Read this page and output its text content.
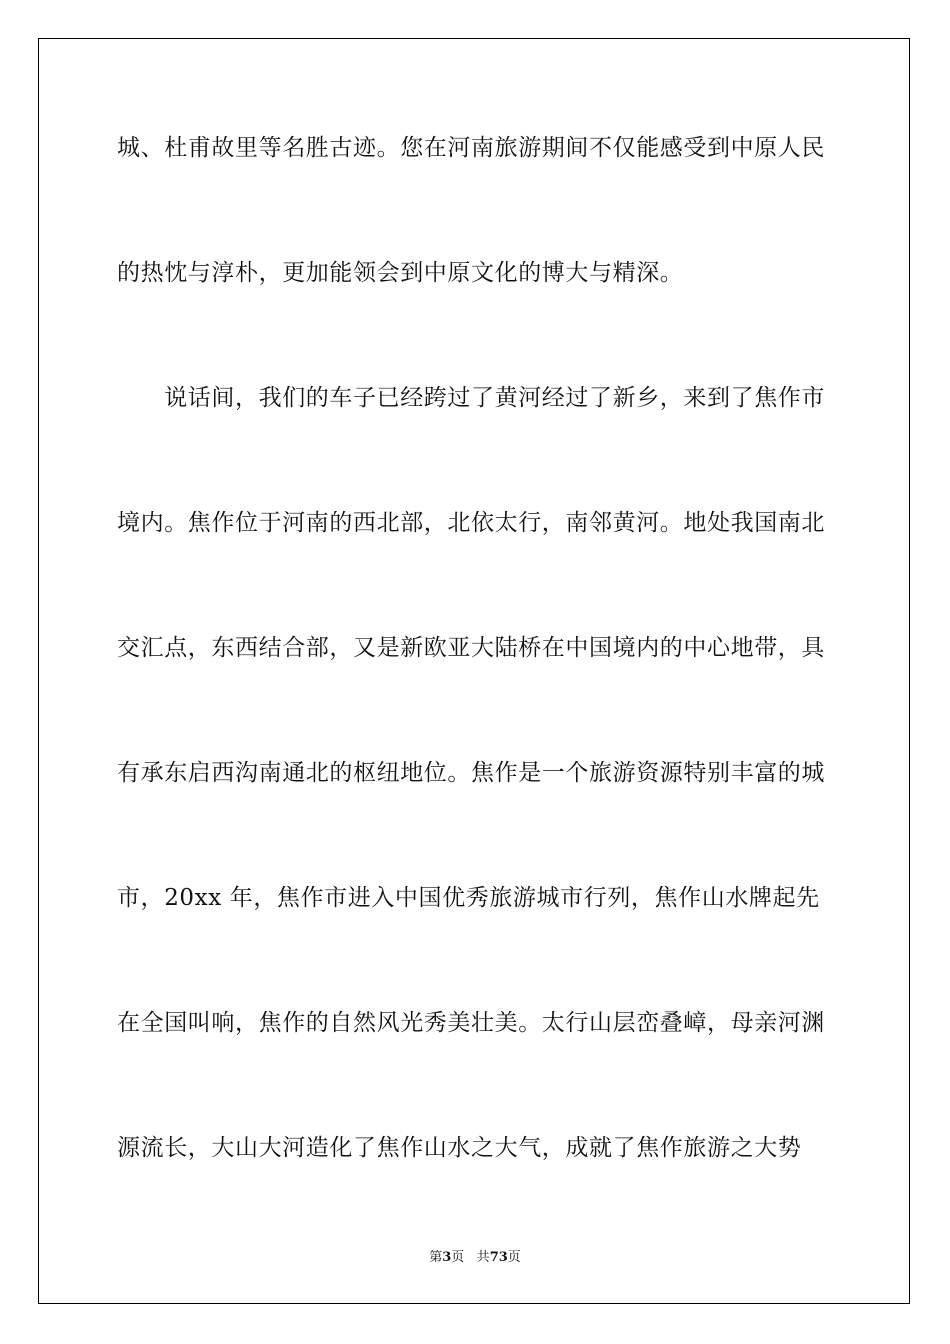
城、杜甫故里等名胜古迹。您在河南旅游期间不仅能感受到中原人民
的热忱与淳朴，更加能领会到中原文化的博大与精深。
　　说话间，我们的车子已经跨过了黄河经过了新乡，来到了焦作市
境内。焦作位于河南的西北部，北依太行，南邻黄河。地处我国南北
交汇点，东西结合部，又是新欧亚大陆桥在中国境内的中心地带，具
有承东启西沟南通北的枢纽地位。焦作是一个旅游资源特别丰富的城
市，20xx 年，焦作市进入中国优秀旅游城市行列，焦作山水牌起先
在全国叫响，焦作的自然风光秀美壮美。太行山层峦叠嶂，母亲河渊
源流长，大山大河造化了焦作山水之大气，成就了焦作旅游之大势
第3页 共73页
